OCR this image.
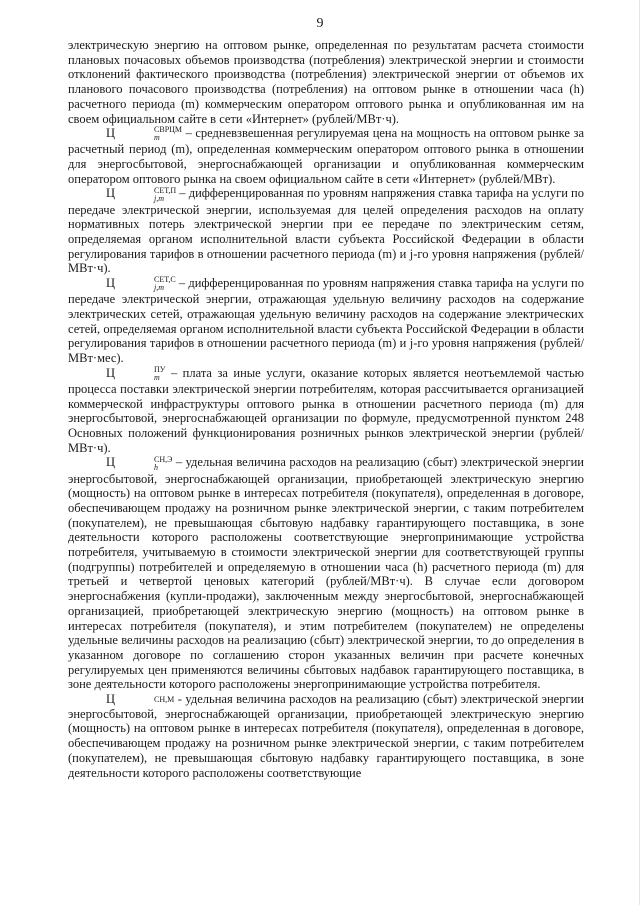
9

электрическую энергию на оптовом рынке, определенная по результатам расчета стоимости плановых почасовых объемов производства (потребления) электрической энергии и стоимости отклонений фактического производства (потребления) электрической энергии от объемов их планового почасового производства (потребления) на оптовом рынке в отношении часа (h) расчетного периода (m) коммерческим оператором оптового рынка и опубликованная им на своем официальном сайте в сети «Интернет» (рублей/МВт·ч).

Ц	СВРЦМ
m	– средневзвешенная регулируемая цена на мощность на оптовом рынке за расчетный период (m), определенная коммерческим оператором оптового рынка в отношении для энергосбытовой, энергоснабжающей организации и опубликованная коммерческим оператором оптового рынка на своем официальном сайте в сети «Интернет» (рублей/МВт).

Ц	СЕТ,П
j,m – дифференцированная по уровням напряжения ставка тарифа на услуги по передаче электрической энергии, используемая для целей определения расходов на оплату нормативных потерь электрической энергии при ее передаче по электрическим сетям, определяемая органом исполнительной власти субъекта Российской Федерации в области регулирования тарифов в отношении расчетного периода (m) и j-го уровня напряжения (рублей/МВт·ч).

Ц	СЕТ,С
j,m – дифференцированная по уровням напряжения ставка тарифа на услуги по передаче электрической энергии, отражающая удельную величину расходов на содержание электрических сетей, отражающая удельную величину расходов на содержание электрических сетей, определяемая органом исполнительной власти субъекта Российской Федерации в области регулирования тарифов в отношении расчетного периода (m) и j-го уровня напряжения (рублей/МВт·мес).

Ц	ПУ
m – плата за иные услуги, оказание которых является неотъемлемой частью процесса поставки электрической энергии потребителям, которая рассчитывается организацией коммерческой инфраструктуры оптового рынка в отношении расчетного периода (m) для энергосбытовой, энергоснабжающей организации по формуле, предусмотренной пунктом 248 Основных положений функционирования розничных рынков электрической энергии (рублей/МВт·ч).

Ц	СН,Э
h	– удельная величина расходов на реализацию (сбыт) электрической энергии энергосбытовой, энергоснабжающей организации, приобретающей электрическую энергию (мощность) на оптовом рынке в интересах потребителя (покупателя), определенная в договоре, обеспечивающем продажу на розничном рынке электрической энергии, с таким потребителем (покупателем), не превышающая сбытовую надбавку гарантирующего поставщика, в зоне деятельности которого расположены соответствующие энергопринимающие устройства потребителя, учитываемую в стоимости электрической энергии для соответствующей группы (подгруппы) потребителей и определяемую в отношении часа (h) расчетного периода (m) для третьей и четвертой ценовых категорий (рублей/МВт·ч). В случае если договором энергоснабжения (купли-продажи), заключенным между энергосбытовой, энергоснабжающей организацией, приобретающей электрическую энергию (мощность) на оптовом рынке в интересах потребителя (покупателя), и этим потребителем (покупателем) не определены удельные величины расходов на реализацию (сбыт) электрической энергии, то до определения в указанном договоре по соглашению сторон указанных величин при расчете конечных регулируемых цен применяются величины сбытовых надбавок гарантирующего поставщика, в зоне деятельности которого расположены энергопринимающие устройства потребителя.

Ц	СН,М - удельная величина расходов на реализацию (сбыт) электрической энергии энергосбытовой, энергоснабжающей организации, приобретающей электрическую энергию (мощность) на оптовом рынке в интересах потребителя (покупателя), определенная в договоре, обеспечивающем продажу на розничном рынке электрической энергии, с таким потребителем (покупателем), не превышающая сбытовую надбавку гарантирующего поставщика, в зоне деятельности которого расположены соответствующие
